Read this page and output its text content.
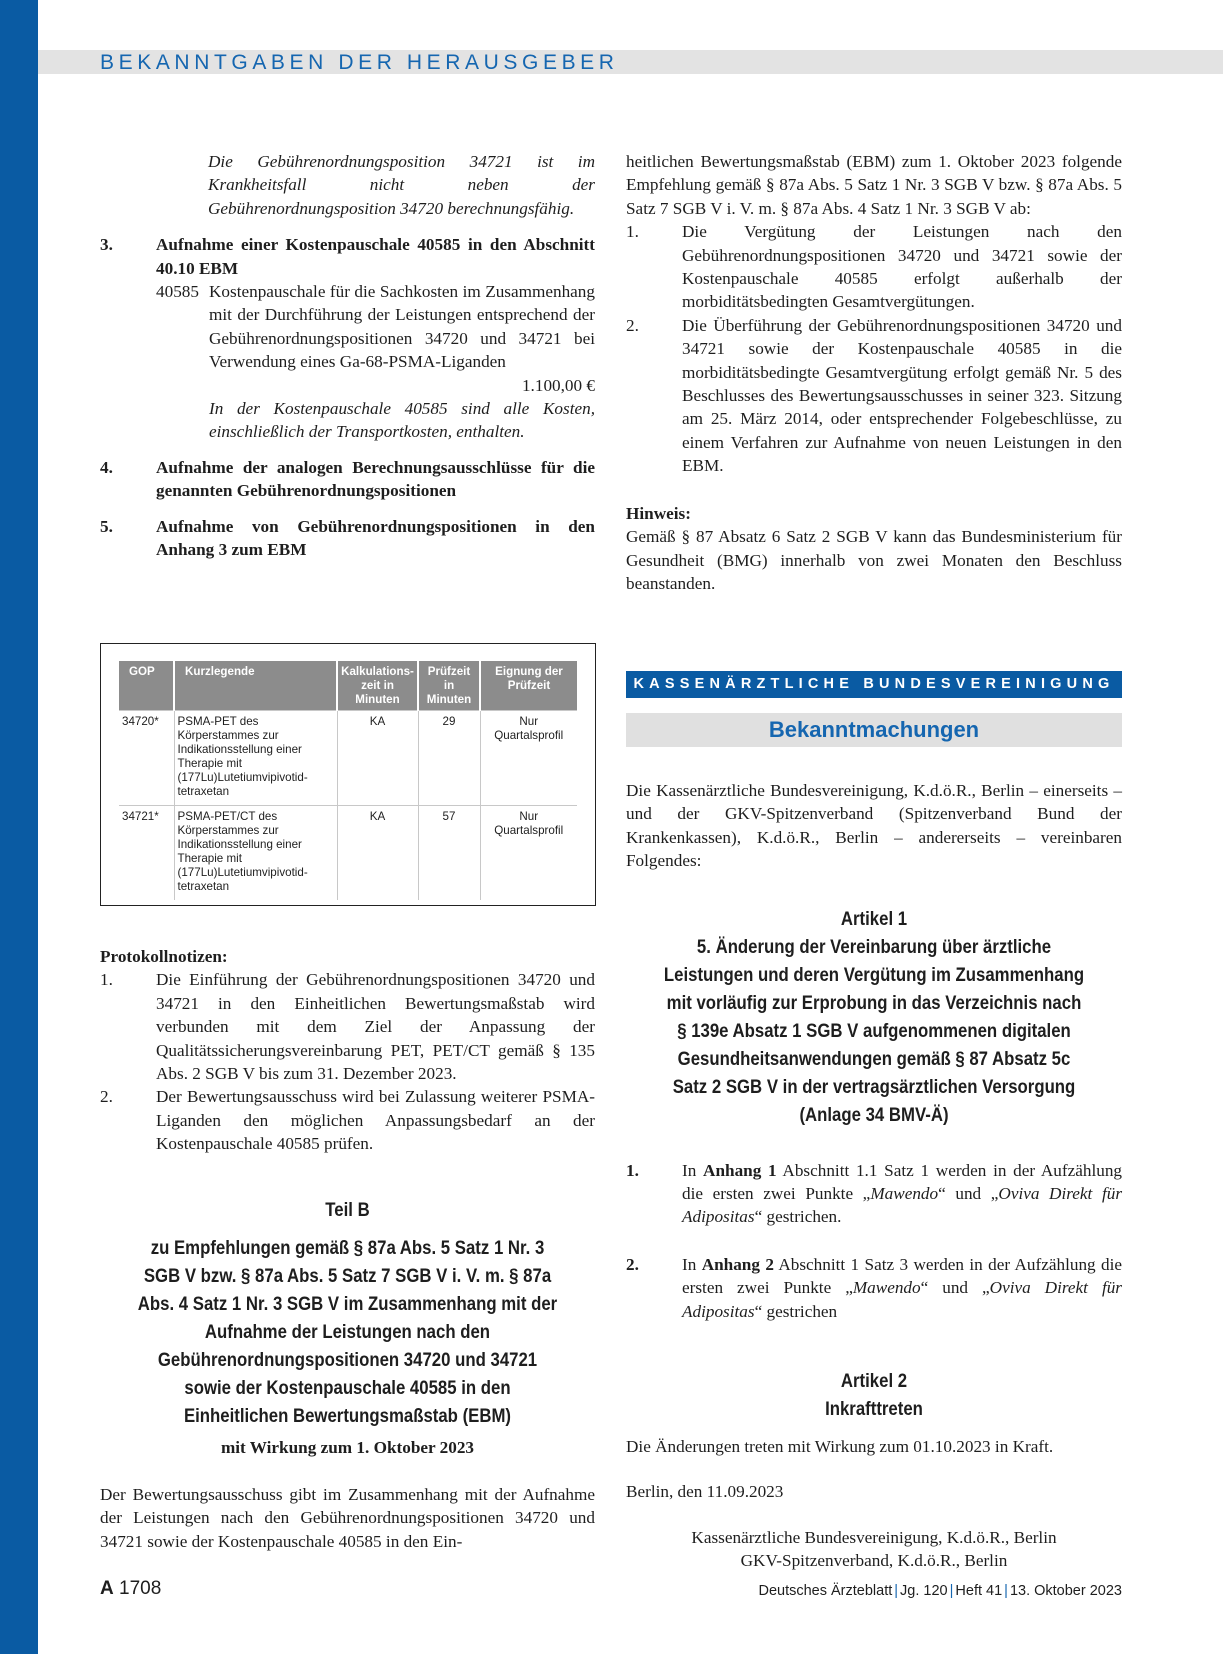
BEKANNTGABEN DER HERAUSGEBER

Die Gebührenordnungsposition 34721 ist im Krankheitsfall nicht neben der Gebührenordnungsposition 34720 berechnungsfähig.

3.	Aufnahme einer Kostenpauschale 40585 in den Abschnitt 40.10 EBM

40585 Kostenpauschale für die Sachkosten im Zusammenhang mit der Durchführung der Leistungen entsprechend der Gebührenordnungspositionen 34720 und 34721 bei Verwendung eines Ga-68-PSMA-Liganden

1.100,00 €

In der Kostenpauschale 40585 sind alle Kosten, einschließlich der Transportkosten, enthalten.

4.	Aufnahme der analogen Berechnungsausschlüsse für die genannten Gebührenordnungspositionen

5.	Aufnahme von Gebührenordnungspositionen in den Anhang 3 zum EBM

GOP	Kurzlegende	Kalkulations- zeit in Minuten	Prüfzeit in Minuten	Eignung der Prüfzeit
34720*	PSMA-PET des Körperstammes zur Indikationsstellung einer Therapie mit (177Lu)Lutetiumvipivotid-tetraxetan	KA	29	Nur Quartalsprofil
34721*	PSMA-PET/CT des Körperstammes zur Indikationsstellung einer Therapie mit (177Lu)Lutetiumvipivotid-tetraxetan	KA	57	Nur Quartalsprofil

Protokollnotizen:

1.	Die Einführung der Gebührenordnungspositionen 34720 und 34721 in den Einheitlichen Bewertungsmaßstab wird verbunden mit dem Ziel der Anpassung der Qualitätssicherungsvereinbarung PET, PET/CT gemäß § 135 Abs. 2 SGB V bis zum 31. Dezember 2023.

2.	Der Bewertungsausschuss wird bei Zulassung weiterer PSMA-Liganden den möglichen Anpassungsbedarf an der Kostenpauschale 40585 prüfen.

Teil B

zu Empfehlungen gemäß § 87a Abs. 5 Satz 1 Nr. 3 SGB V bzw. § 87a Abs. 5 Satz 7 SGB V i. V. m. § 87a Abs. 4 Satz 1 Nr. 3 SGB V im Zusammenhang mit der Aufnahme der Leistungen nach den Gebührenordnungspositionen 34720 und 34721 sowie der Kostenpauschale 40585 in den Einheitlichen Bewertungsmaßstab (EBM)

mit Wirkung zum 1. Oktober 2023

Der Bewertungsausschuss gibt im Zusammenhang mit der Aufnahme der Leistungen nach den Gebührenordnungspositionen 34720 und 34721 sowie der Kostenpauschale 40585 in den Ein-

heitlichen Bewertungsmaßstab (EBM) zum 1. Oktober 2023 folgende Empfehlung gemäß § 87a Abs. 5 Satz 1 Nr. 3 SGB V bzw. § 87a Abs. 5 Satz 7 SGB V i. V. m. § 87a Abs. 4 Satz 1 Nr. 3 SGB V ab:

1.	Die Vergütung der Leistungen nach den Gebührenordnungspositionen 34720 und 34721 sowie der Kostenpauschale 40585 erfolgt außerhalb der morbiditätsbedingten Gesamtvergütungen.

2.	Die Überführung der Gebührenordnungspositionen 34720 und 34721 sowie der Kostenpauschale 40585 in die morbiditätsbedingte Gesamtvergütung erfolgt gemäß Nr. 5 des Beschlusses des Bewertungsausschusses in seiner 323. Sitzung am 25. März 2014, oder entsprechender Folgebeschlüsse, zu einem Verfahren zur Aufnahme von neuen Leistungen in den EBM.

Hinweis:

Gemäß § 87 Absatz 6 Satz 2 SGB V kann das Bundesministerium für Gesundheit (BMG) innerhalb von zwei Monaten den Beschluss beanstanden.

KASSENÄRZTLICHE BUNDESVEREINIGUNG
Bekanntmachungen

Die Kassenärztliche Bundesvereinigung, K.d.ö.R., Berlin – einerseits – und der GKV-Spitzenverband (Spitzenverband Bund der Krankenkassen), K.d.ö.R., Berlin – andererseits – vereinbaren Folgendes:

Artikel 1

5. Änderung der Vereinbarung über ärztliche Leistungen und deren Vergütung im Zusammenhang mit vorläufig zur Erprobung in das Verzeichnis nach § 139e Absatz 1 SGB V aufgenommenen digitalen Gesundheitsanwendungen gemäß § 87 Absatz 5c Satz 2 SGB V in der vertragsärztlichen Versorgung (Anlage 34 BMV-Ä)

1.	In Anhang 1 Abschnitt 1.1 Satz 1 werden in der Aufzählung die ersten zwei Punkte „Mawendo“ und „Oviva Direkt für Adipositas“ gestrichen.

2.	In Anhang 2 Abschnitt 1 Satz 3 werden in der Aufzählung die ersten zwei Punkte „Mawendo“ und „Oviva Direkt für Adipositas“ gestrichen

Artikel 2

Inkrafttreten

Die Änderungen treten mit Wirkung zum 01.10.2023 in Kraft.

Berlin, den 11.09.2023

Kassenärztliche Bundesvereinigung, K.d.ö.R., Berlin

GKV-Spitzenverband, K.d.ö.R., Berlin

A 1708	Deutsches Ärzteblatt | Jg. 120 | Heft 41 | 13. Oktober 2023
